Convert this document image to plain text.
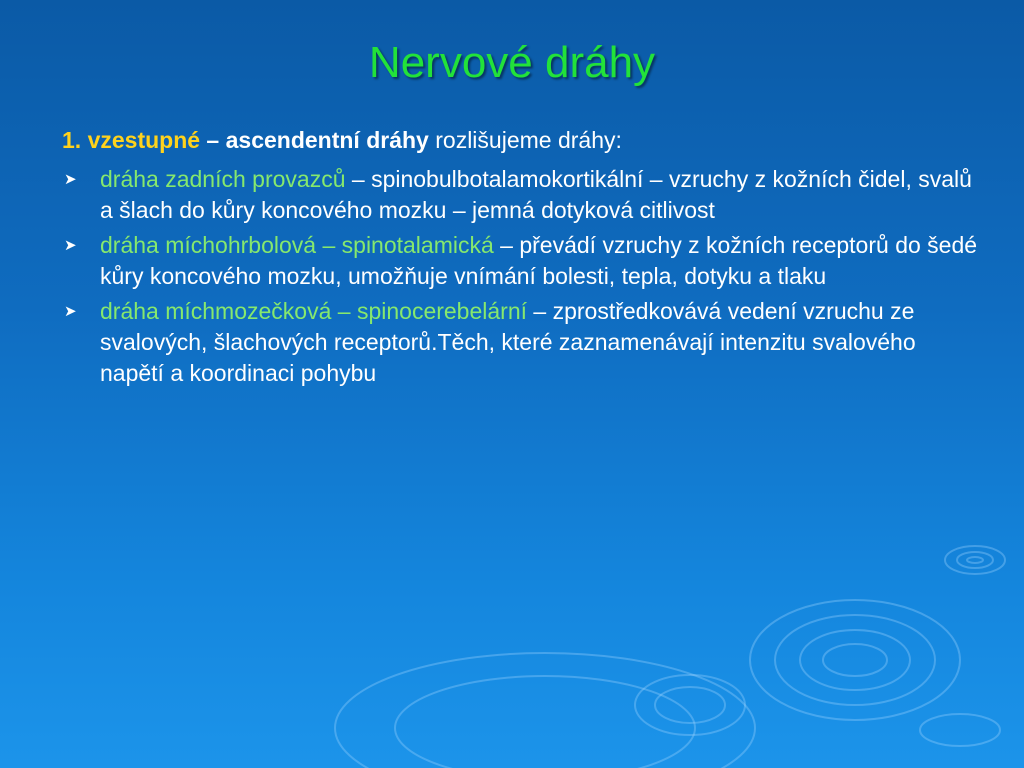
Nervové dráhy

1. vzestupné – ascendentní dráhy rozlišujeme dráhy:

➤ dráha zadních provazců – spinobulbotalamokortikální – vzruchy z kožních čidel, svalů a šlach do kůry koncového mozku – jemná dotyková citlivost
➤ dráha míchohrbolová – spinotalamická – převádí vzruchy z kožních receptorů do šedé kůry koncového mozku, umožňuje vnímání bolesti, tepla, dotyku a tlaku
➤ dráha míchmozečková – spinocerebelární – zprostředkovává vedení vzruchu ze svalových, šlachových receptorů.Těch, které zaznamenávají intenzitu svalového napětí a koordinaci pohybu
